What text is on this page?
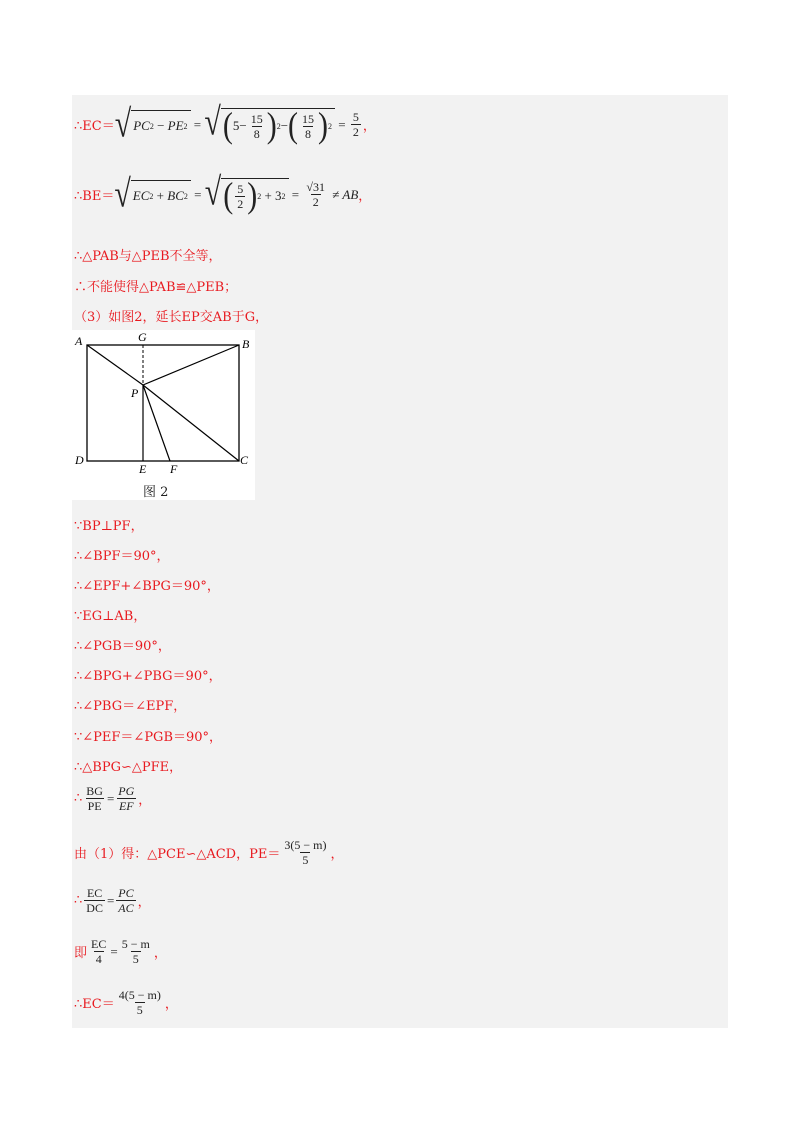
∴EC＝ √ PC 2 − PE 2 = √ ( $5 - \frac{15}{8}$ ) 2 − ( $\frac{15}{8}$ ) $2 = \frac{5}{2}$ ，
∴BE＝ √ EC 2 + BC 2 = √ ( $\frac{5}{2}$ ) 2 + 3 $2 = \frac{√31}{2}$
≠ AB ，
∴△PAB与△PEB不全等，
∴不能使得△PAB≌△PEB；
（3）如图2，延长EP交AB于G，
A	B
C
D
E F
G
P
图 2
∵BP⊥PF，
∴∠BPF＝90°，
∴∠EPF+∠BPG＝90°，
∵EG⊥AB，
∴∠PGB＝90°，
∴∠BPG+∠PBG＝90°，
∴∠PBG＝∠EPF，
∵∠PEF＝∠PGB＝90°，
∴△BPG∽△PFE，
∴ $\frac{BG}{PE} = \frac{PG}{EF}$ ，
由（1）得：△PCE∽△ACD，$PE= \frac{3(5 - m)}{5}$ ，
∴ $\frac{EC}{DC} = \frac{PC}{AC}$ ，
即 $\frac{EC}{4} = \frac{5 - m}{5}$ ，
∴EC＝ $\frac{4(5 - m)}{5}$ ，
